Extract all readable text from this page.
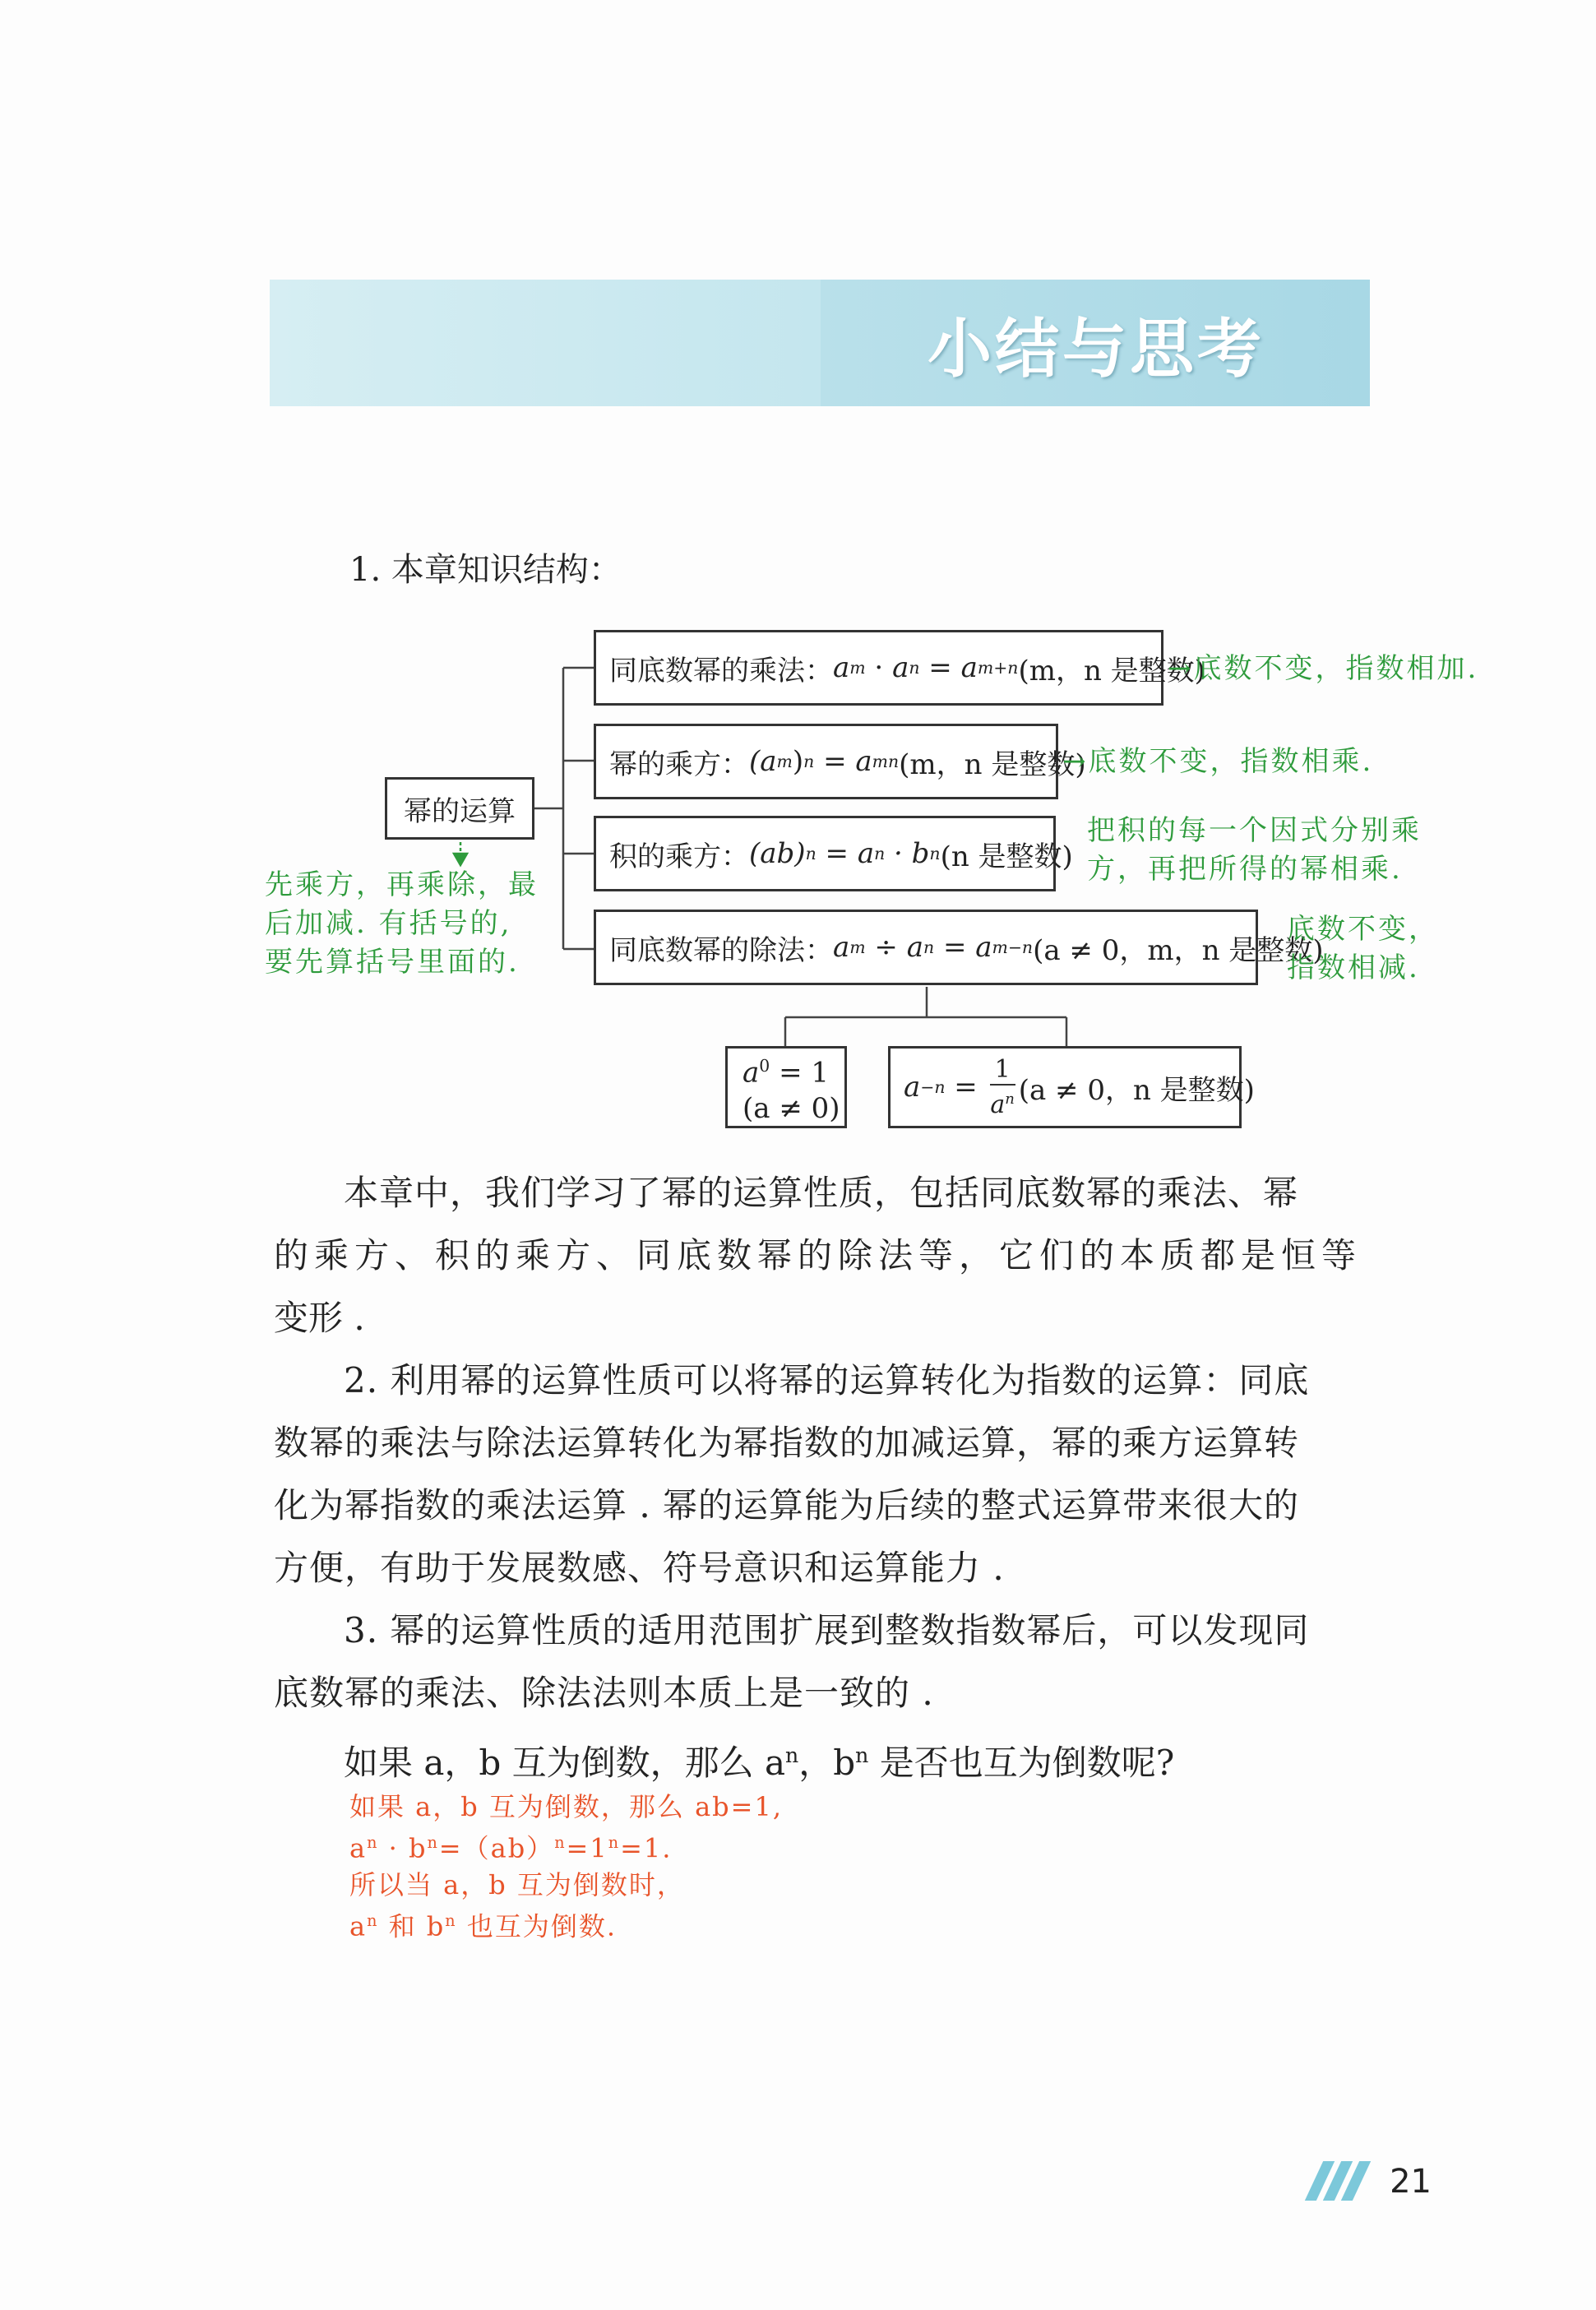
小结与思考
1. 本章知识结构：
幂的运算
先乘方，再乘除，最
后加减. 有括号的,
要先算括号里面的.
同底数幂的乘法： a m · a n = a m+n (m，n 是整数)
→底数不变，指数相加.
幂的乘方： (a m ) n = a mn (m，n 是整数)
→底数不变，指数相乘.
积的乘方： (ab) n = a n · b n (n 是整数)
把积的每一个因式分别乘
方，再把所得的幂相乘.
同底数幂的除法： a m ÷ a n = a m−n (a ≠ 0，m，n 是整数)
底数不变，
指数相减.
$a^0 = 1$
(a ≠ 0)
$a -n = \frac{1}{a^n} (a \ne 0$，n 是整数)
本章中，我们学习了幂的运算性质，包括同底数幂的乘法、幂
的乘方、积的乘方、同底数幂的除法等，它们的本质都是恒等
变形 .
2. 利用幂的运算性质可以将幂的运算转化为指数的运算：同底
数幂的乘法与除法运算转化为幂指数的加减运算，幂的乘方运算转
化为幂指数的乘法运算 . 幂的运算能为后续的整式运算带来很大的
方便，有助于发展数感、符号意识和运算能力 .
3. 幂的运算性质的适用范围扩展到整数指数幂后，可以发现同
底数幂的乘法、除法法则本质上是一致的 .
如果 a，b 互为倒数，那么 $a^n$，$b^n$ 是否也互为倒数呢?
如果 a，b 互为倒数，那么 ab=1,
$a^n \cdot b^n=(ab)^n=1^n=1$.
所以当 a，b 互为倒数时，
$a^n$ 和 $b^n$ 也互为倒数.
21
